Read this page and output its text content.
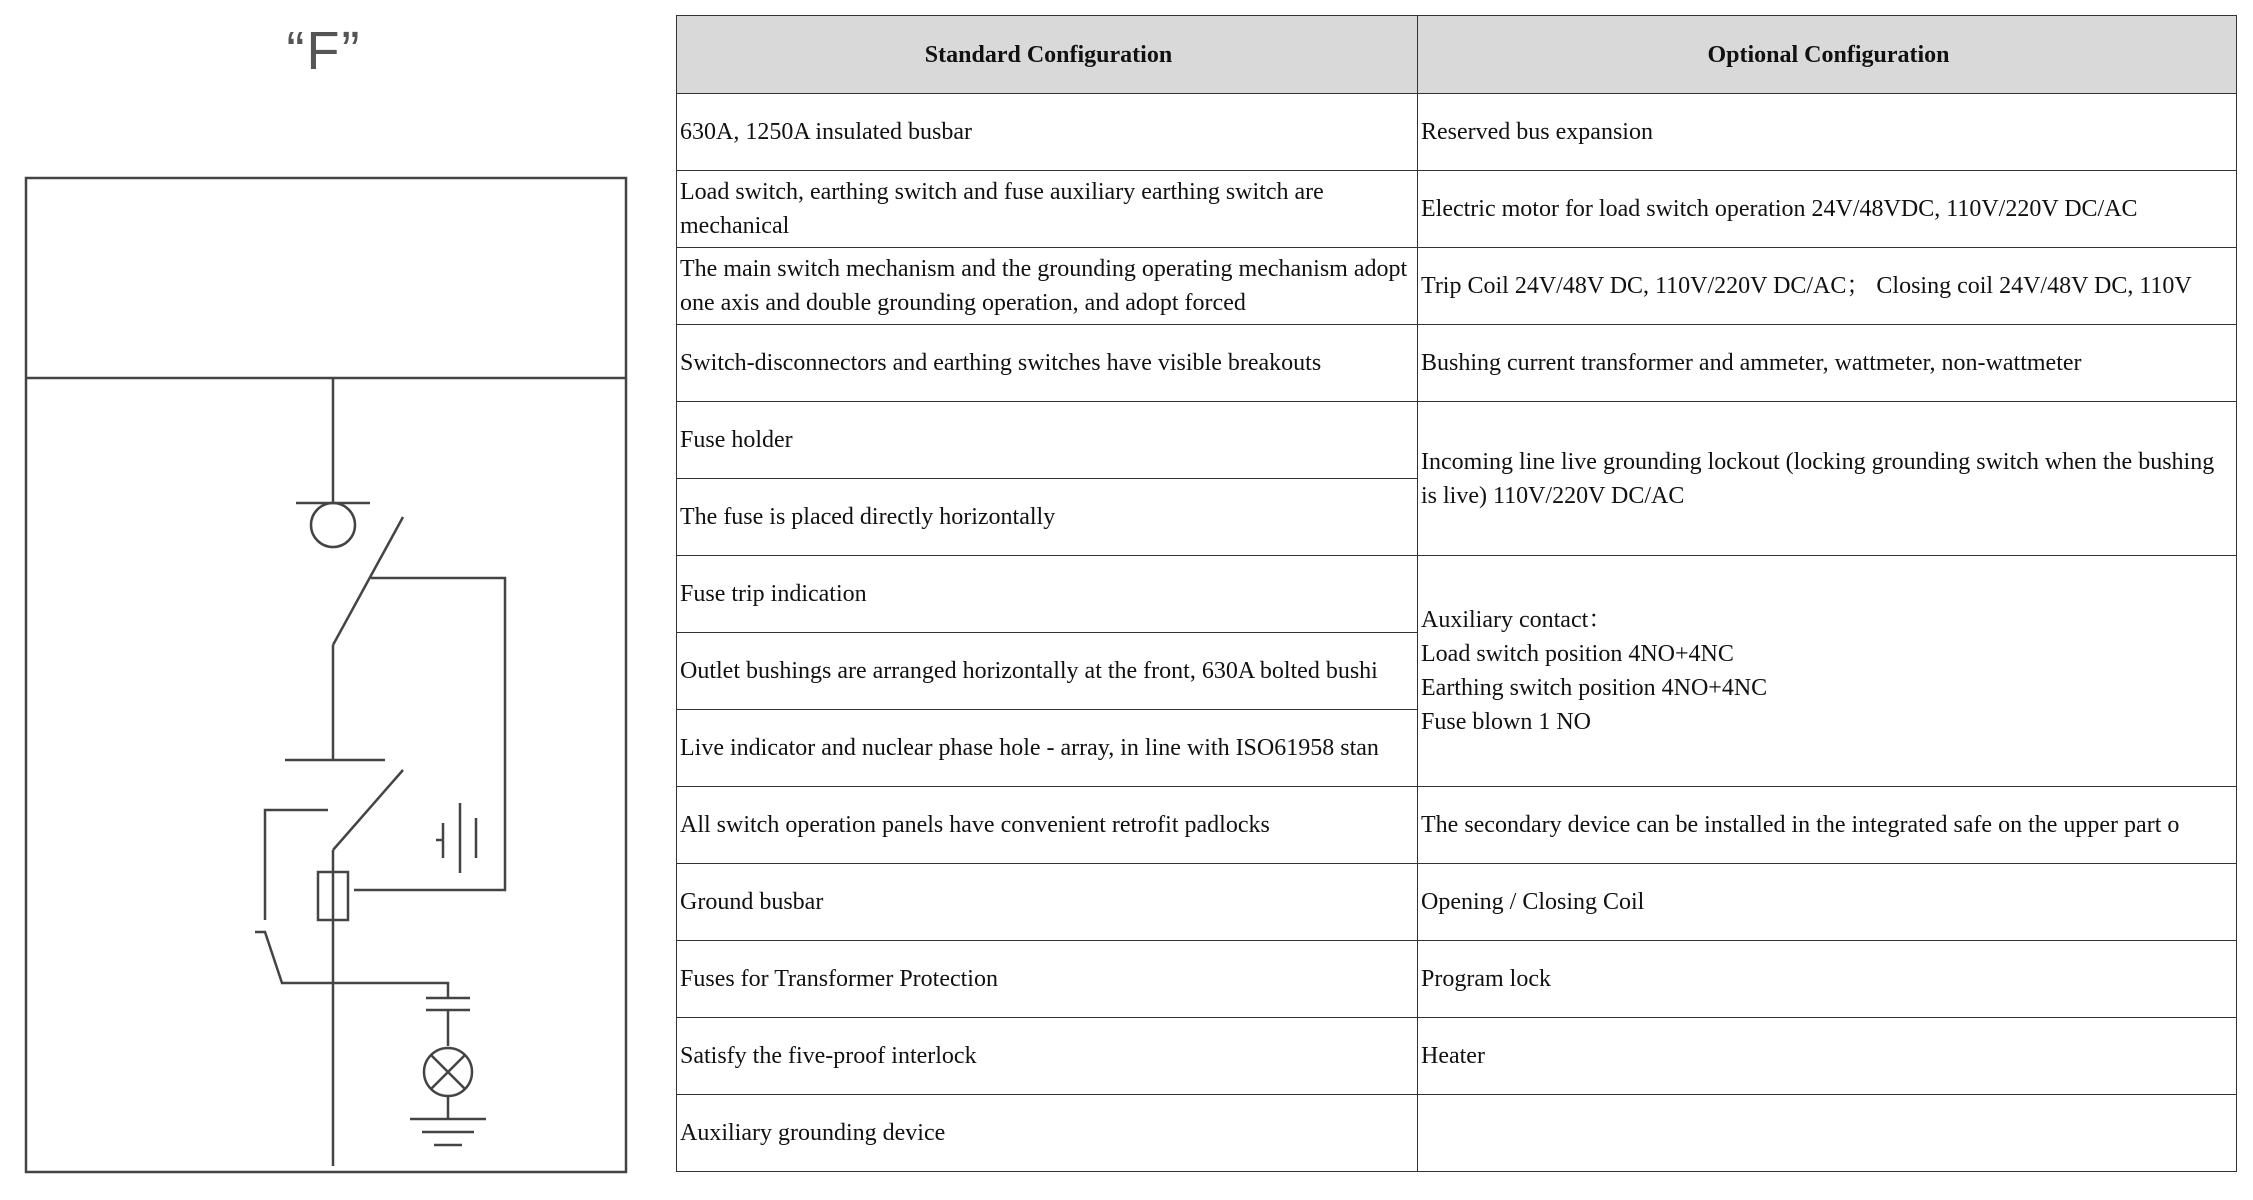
“F”	Standard Configuration	Optional Configuration
630A, 1250A insulated busbar	Reserved bus expansion
Load switch, earthing switch and fuse auxiliary earthing switch are mechanical	Electric motor for load switch operation 24V/48VDC, 110V/220V DC/AC
The main switch mechanism and the grounding operating mechanism adopt one axis and double grounding operation, and adopt forced	Trip Coil 24V/48V DC, 110V/220V DC/AC； Closing coil 24V/48V DC, 110V
Switch-disconnectors and earthing switches have visible breakouts	Bushing current transformer and ammeter, wattmeter, non-wattmeter
Fuse holder	Incoming line live grounding lockout (locking grounding switch when the bushing is live) 110V/220V DC/AC
The fuse is placed directly horizontally	
Fuse trip indication	Auxiliary contact：
Load switch position 4NO+4NC
Earthing switch position 4NO+4NC
Fuse blown 1 NO

Outlet bushings are arranged horizontally at the front, 630A bolted bushi	
Live indicator and nuclear phase hole - array, in line with ISO61958 stan	
All switch operation panels have convenient retrofit padlocks	The secondary device can be installed in the integrated safe on the upper part o
Ground busbar	Opening / Closing Coil
Fuses for Transformer Protection	Program lock
Satisfy the five-proof interlock	Heater
Auxiliary grounding device	
